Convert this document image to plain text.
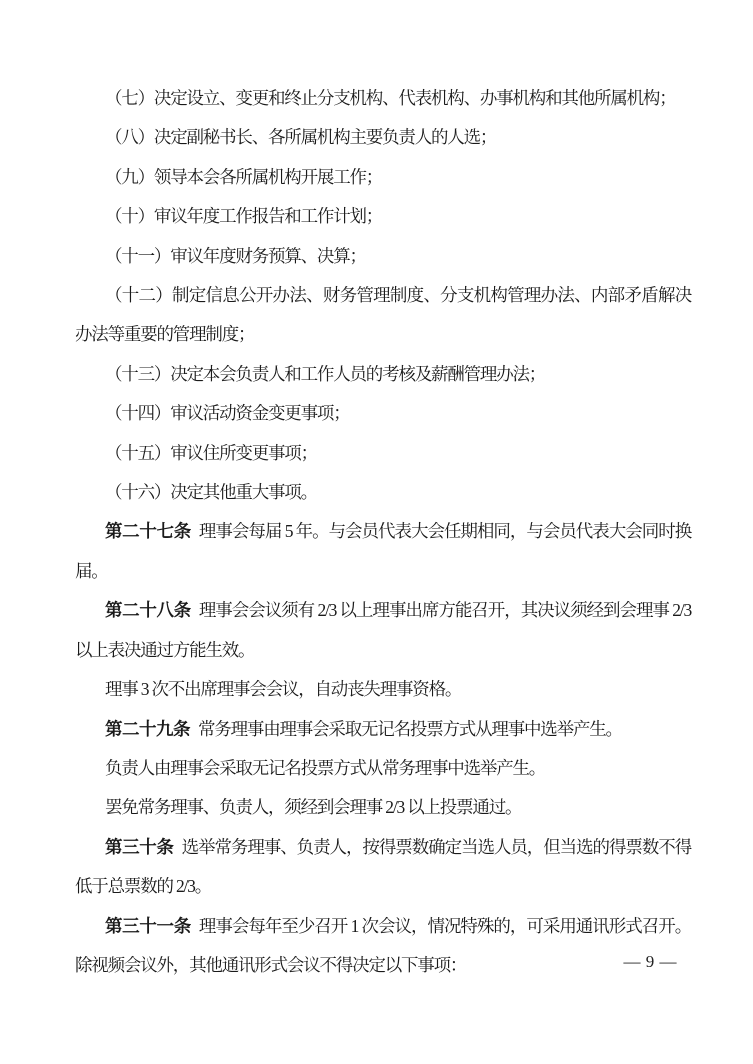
（七）决定设立、变更和终止分支机构、代表机构、办事机构和其他所属机构；

（八）决定副秘书长、各所属机构主要负责人的人选；

（九）领导本会各所属机构开展工作；

（十）审议年度工作报告和工作计划；

（十一）审议年度财务预算、决算；

（十二）制定信息公开办法、财务管理制度、分支机构管理办法、内部矛盾解决办法等重要的管理制度；

（十三）决定本会负责人和工作人员的考核及薪酬管理办法；

（十四）审议活动资金变更事项；

（十五）审议住所变更事项；

（十六）决定其他重大事项。

第二十七条 理事会每届 5 年。与会员代表大会任期相同，与会员代表大会同时换届。

第二十八条 理事会会议须有 2/3 以上理事出席方能召开，其决议须经到会理事 2/3 以上表决通过方能生效。

理事 3 次不出席理事会会议，自动丧失理事资格。

第二十九条 常务理事由理事会采取无记名投票方式从理事中选举产生。

负责人由理事会采取无记名投票方式从常务理事中选举产生。

罢免常务理事、负责人，须经到会理事 2/3 以上投票通过。

第三十条 选举常务理事、负责人，按得票数确定当选人员，但当选的得票数不得低于总票数的 2/3。

第三十一条 理事会每年至少召开 1 次会议，情况特殊的，可采用通讯形式召开。除视频会议外，其他通讯形式会议不得决定以下事项：	— 9 —
